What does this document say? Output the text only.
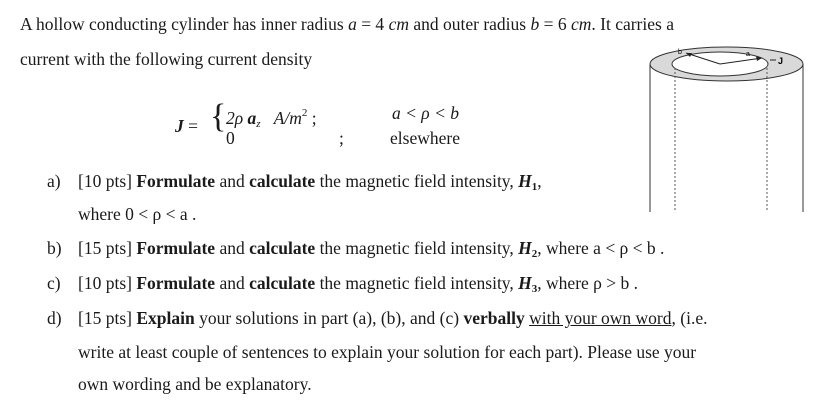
A hollow conducting cylinder has inner radius a = 4 cm and outer radius b = 6 cm. It carries a
current with the following current density
J = { 2ρ $a_z$ $A/m^2$ ;	a < ρ < b
0	;	elsewhere
b	a
J
a) [10 pts] Formulate and calculate the magnetic field intensity, $H_1$,
where 0 < ρ < a .
b) [15 pts] Formulate and calculate the magnetic field intensity, $H_2$, where a < ρ < b .
c) [10 pts] Formulate and calculate the magnetic field intensity, $H_3$, where ρ > b .
d) [15 pts] Explain your solutions in part (a), (b), and (c) verbally with your own word, (i.e.
write at least couple of sentences to explain your solution for each part). Please use your
own wording and be explanatory.
